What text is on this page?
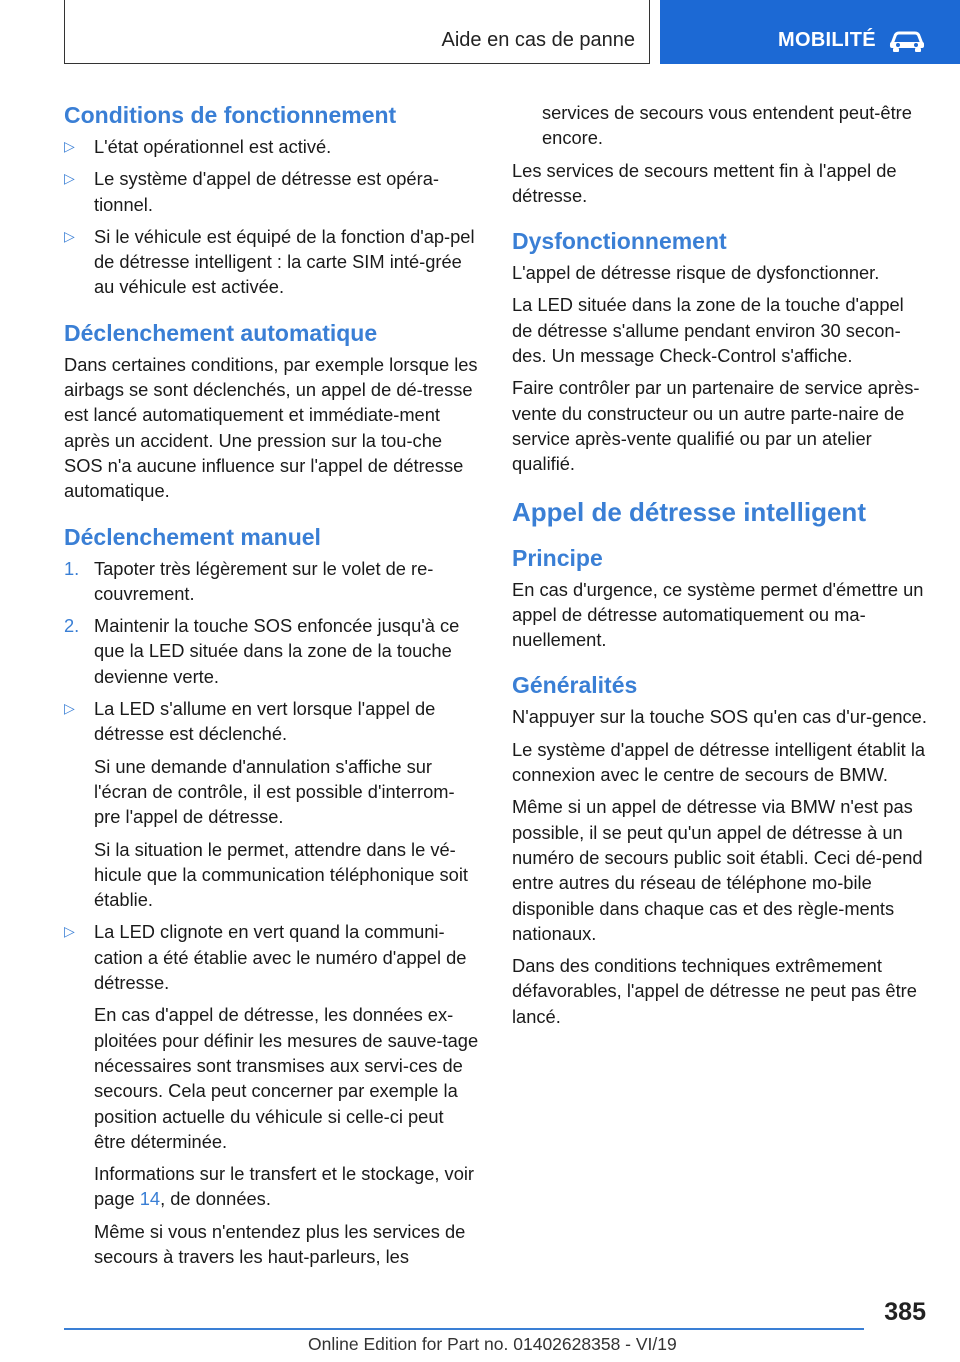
Aide en cas de panne	MOBILITÉ
Conditions de fonctionnement
▷ L'état opérationnel est activé.
▷ Le système d'appel de détresse est opéra-tionnel.
▷ Si le véhicule est équipé de la fonction d'ap-pel de détresse intelligent : la carte SIM inté-grée au véhicule est activée.
Déclenchement automatique

Dans certaines conditions, par exemple lorsque les airbags se sont déclenchés, un appel de dé-tresse est lancé automatiquement et immédiate-ment après un accident. Une pression sur la tou-che SOS n'a aucune influence sur l'appel de détresse automatique.

Déclenchement manuel
1. Tapoter très légèrement sur le volet de re-couvrement.
2. Maintenir la touche SOS enfoncée jusqu'à ce que la LED située dans la zone de la touche devienne verte.
▷ La LED s'allume en vert lorsque l'appel de détresse est déclenché.
Si une demande d'annulation s'affiche sur l'écran de contrôle, il est possible d'interrom-pre l'appel de détresse.
Si la situation le permet, attendre dans le vé-hicule que la communication téléphonique soit établie.
▷ La LED clignote en vert quand la communi-cation a été établie avec le numéro d'appel de détresse.
En cas d'appel de détresse, les données ex-ploitées pour définir les mesures de sauve-tage nécessaires sont transmises aux servi-ces de secours. Cela peut concerner par exemple la position actuelle du véhicule si celle-ci peut être déterminée.
Informations sur le transfert et le stockage, voir page 14, de données.
Même si vous n'entendez plus les services de secours à travers les haut-parleurs, les
services de secours vous entendent peut-être encore.

Les services de secours mettent fin à l'appel de détresse.

Dysfonctionnement

L'appel de détresse risque de dysfonctionner.

La LED située dans la zone de la touche d'appel de détresse s'allume pendant environ 30 secon-des. Un message Check-Control s'affiche.

Faire contrôler par un partenaire de service après-vente du constructeur ou un autre parte-naire de service après-vente qualifié ou par un atelier qualifié.

Appel de détresse intelligent
Principe

En cas d'urgence, ce système permet d'émettre un appel de détresse automatiquement ou ma-nuellement.

Généralités

N'appuyer sur la touche SOS qu'en cas d'ur-gence.

Le système d'appel de détresse intelligent établit la connexion avec le centre de secours de BMW.

Même si un appel de détresse via BMW n'est pas possible, il se peut qu'un appel de détresse à un numéro de secours public soit établi. Ceci dé-pend entre autres du réseau de téléphone mo-bile disponible dans chaque cas et des règle-ments nationaux.

Dans des conditions techniques extrêmement défavorables, l'appel de détresse ne peut pas être lancé.

385
Online Edition for Part no. 01402628358 - VI/19
